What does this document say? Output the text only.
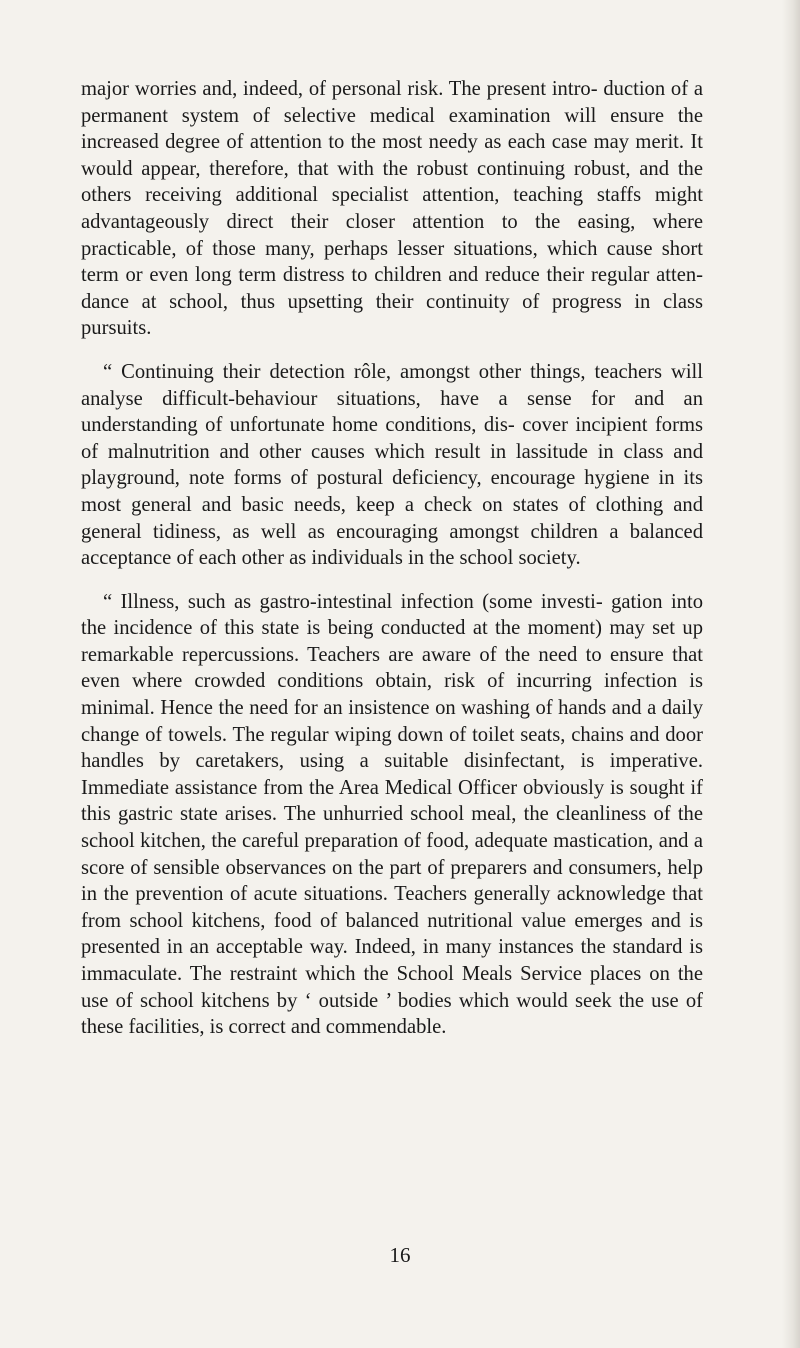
major worries and, indeed, of personal risk. The present intro- duction of a permanent system of selective medical examination will ensure the increased degree of attention to the most needy as each case may merit. It would appear, therefore, that with the robust continuing robust, and the others receiving additional specialist attention, teaching staffs might advantageously direct their closer attention to the easing, where practicable, of those many, perhaps lesser situations, which cause short term or even long term distress to children and reduce their regular atten- dance at school, thus upsetting their continuity of progress in class pursuits.

“ Continuing their detection rôle, amongst other things, teachers will analyse difficult-behaviour situations, have a sense for and an understanding of unfortunate home conditions, dis- cover incipient forms of malnutrition and other causes which result in lassitude in class and playground, note forms of postural deficiency, encourage hygiene in its most general and basic needs, keep a check on states of clothing and general tidiness, as well as encouraging amongst children a balanced acceptance of each other as individuals in the school society.

“ Illness, such as gastro-intestinal infection (some investi- gation into the incidence of this state is being conducted at the moment) may set up remarkable repercussions. Teachers are aware of the need to ensure that even where crowded conditions obtain, risk of incurring infection is minimal. Hence the need for an insistence on washing of hands and a daily change of towels. The regular wiping down of toilet seats, chains and door handles by caretakers, using a suitable disinfectant, is imperative. Immediate assistance from the Area Medical Officer obviously is sought if this gastric state arises. The unhurried school meal, the cleanliness of the school kitchen, the careful preparation of food, adequate mastication, and a score of sensible observances on the part of preparers and consumers, help in the prevention of acute situations. Teachers generally acknowledge that from school kitchens, food of balanced nutritional value emerges and is presented in an acceptable way. Indeed, in many instances the standard is immaculate. The restraint which the School Meals Service places on the use of school kitchens by ‘ outside ’ bodies which would seek the use of these facilities, is correct and commendable.

16
